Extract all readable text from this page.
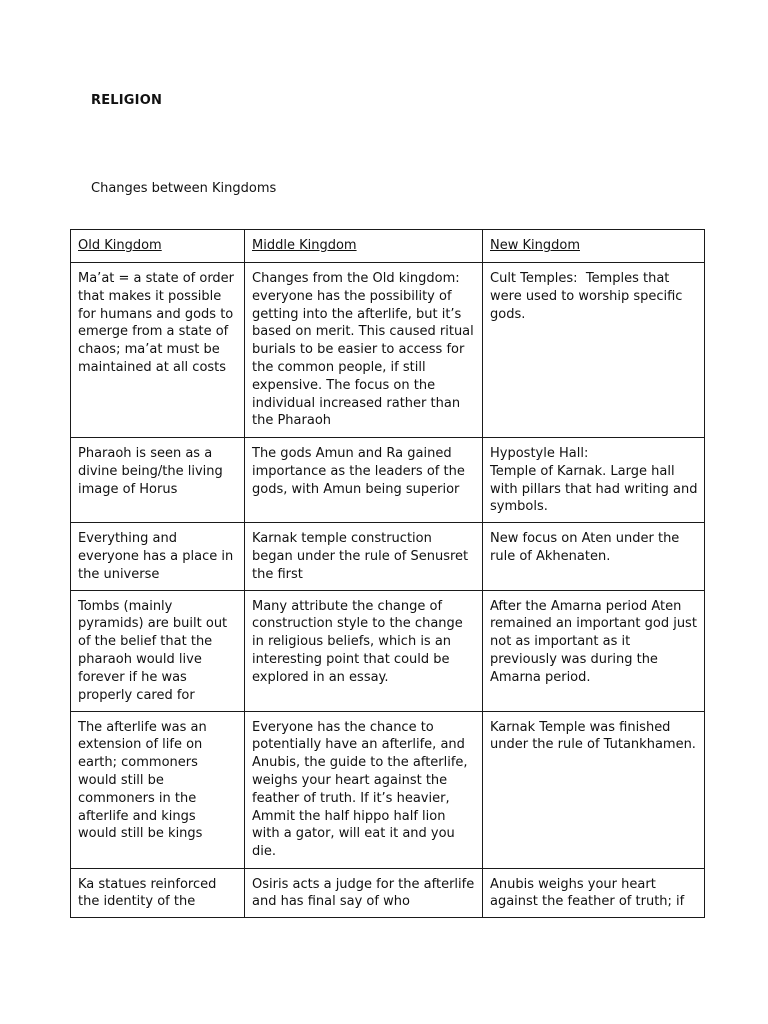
RELIGION
Changes between Kingdoms
Old Kingdom	Middle Kingdom	New Kingdom

Ma’at = a state of order that makes it possible for humans and gods to emerge from a state of chaos; ma’at must be maintained at all costs	Changes from the Old kingdom: everyone has the possibility of getting into the afterlife, but it’s based on merit. This caused ritual burials to be easier to access for the common people, if still expensive. The focus on the individual increased rather than the Pharaoh	Cult Temples:  Temples that were used to worship specific gods.

Pharaoh is seen as a divine being/the living image of Horus	The gods Amun and Ra gained importance as the leaders of the gods, with Amun being superior	Hypostyle Hall:
Temple of Karnak. Large hall with pillars that had writing and symbols.

Everything and everyone has a place in the universe	Karnak temple construction began under the rule of Senusret the first	New focus on Aten under the rule of Akhenaten.

Tombs (mainly pyramids) are built out of the belief that the pharaoh would live forever if he was properly cared for	Many attribute the change of construction style to the change in religious beliefs, which is an interesting point that could be explored in an essay.	After the Amarna period Aten remained an important god just not as important as it previously was during the Amarna period.

The afterlife was an extension of life on earth; commoners would still be commoners in the afterlife and kings would still be kings	Everyone has the chance to potentially have an afterlife, and Anubis, the guide to the afterlife, weighs your heart against the feather of truth. If it’s heavier, Ammit the half hippo half lion with a gator, will eat it and you die.	Karnak Temple was finished under the rule of Tutankhamen.

Ka statues reinforced the identity of the	Osiris acts a judge for the afterlife and has final say of who	Anubis weighs your heart against the feather of truth; if
